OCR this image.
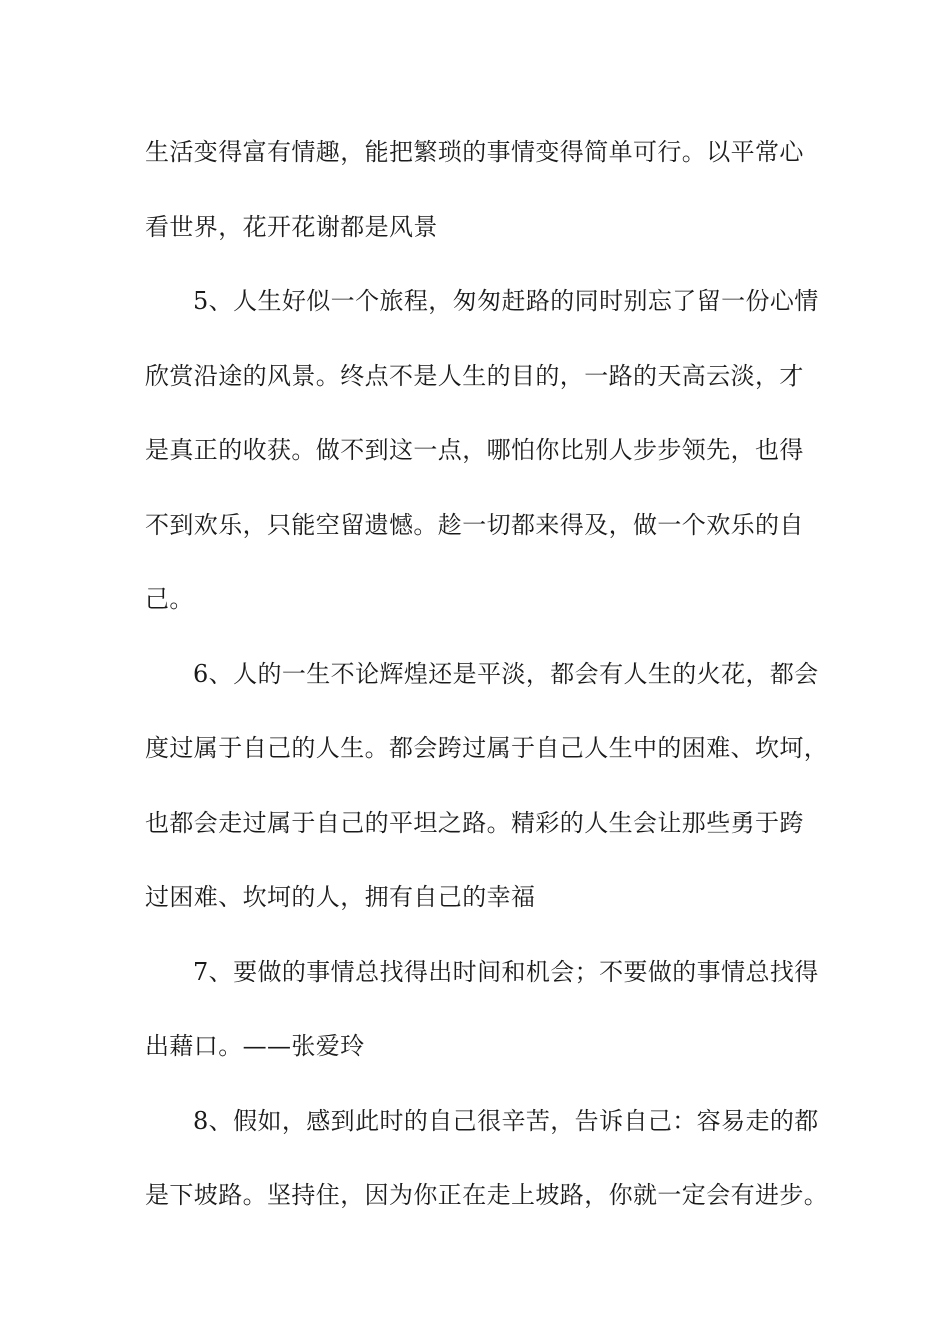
生活变得富有情趣，能把繁琐的事情变得简单可行。以平常心
看世界，花开花谢都是风景
5、人生好似一个旅程，匆匆赶路的同时别忘了留一份心情
欣赏沿途的风景。终点不是人生的目的，一路的天高云淡，才
是真正的收获。做不到这一点，哪怕你比别人步步领先，也得
不到欢乐，只能空留遗憾。趁一切都来得及，做一个欢乐的自
己。
6、人的一生不论辉煌还是平淡，都会有人生的火花，都会
度过属于自己的人生。都会跨过属于自己人生中的困难、坎坷，
也都会走过属于自己的平坦之路。精彩的人生会让那些勇于跨
过困难、坎坷的人，拥有自己的幸福
7、要做的事情总找得出时间和机会；不要做的事情总找得
出藉口。——张爱玲
8、假如，感到此时的自己很辛苦，告诉自己：容易走的都
是下坡路。坚持住，因为你正在走上坡路，你就一定会有进步。
